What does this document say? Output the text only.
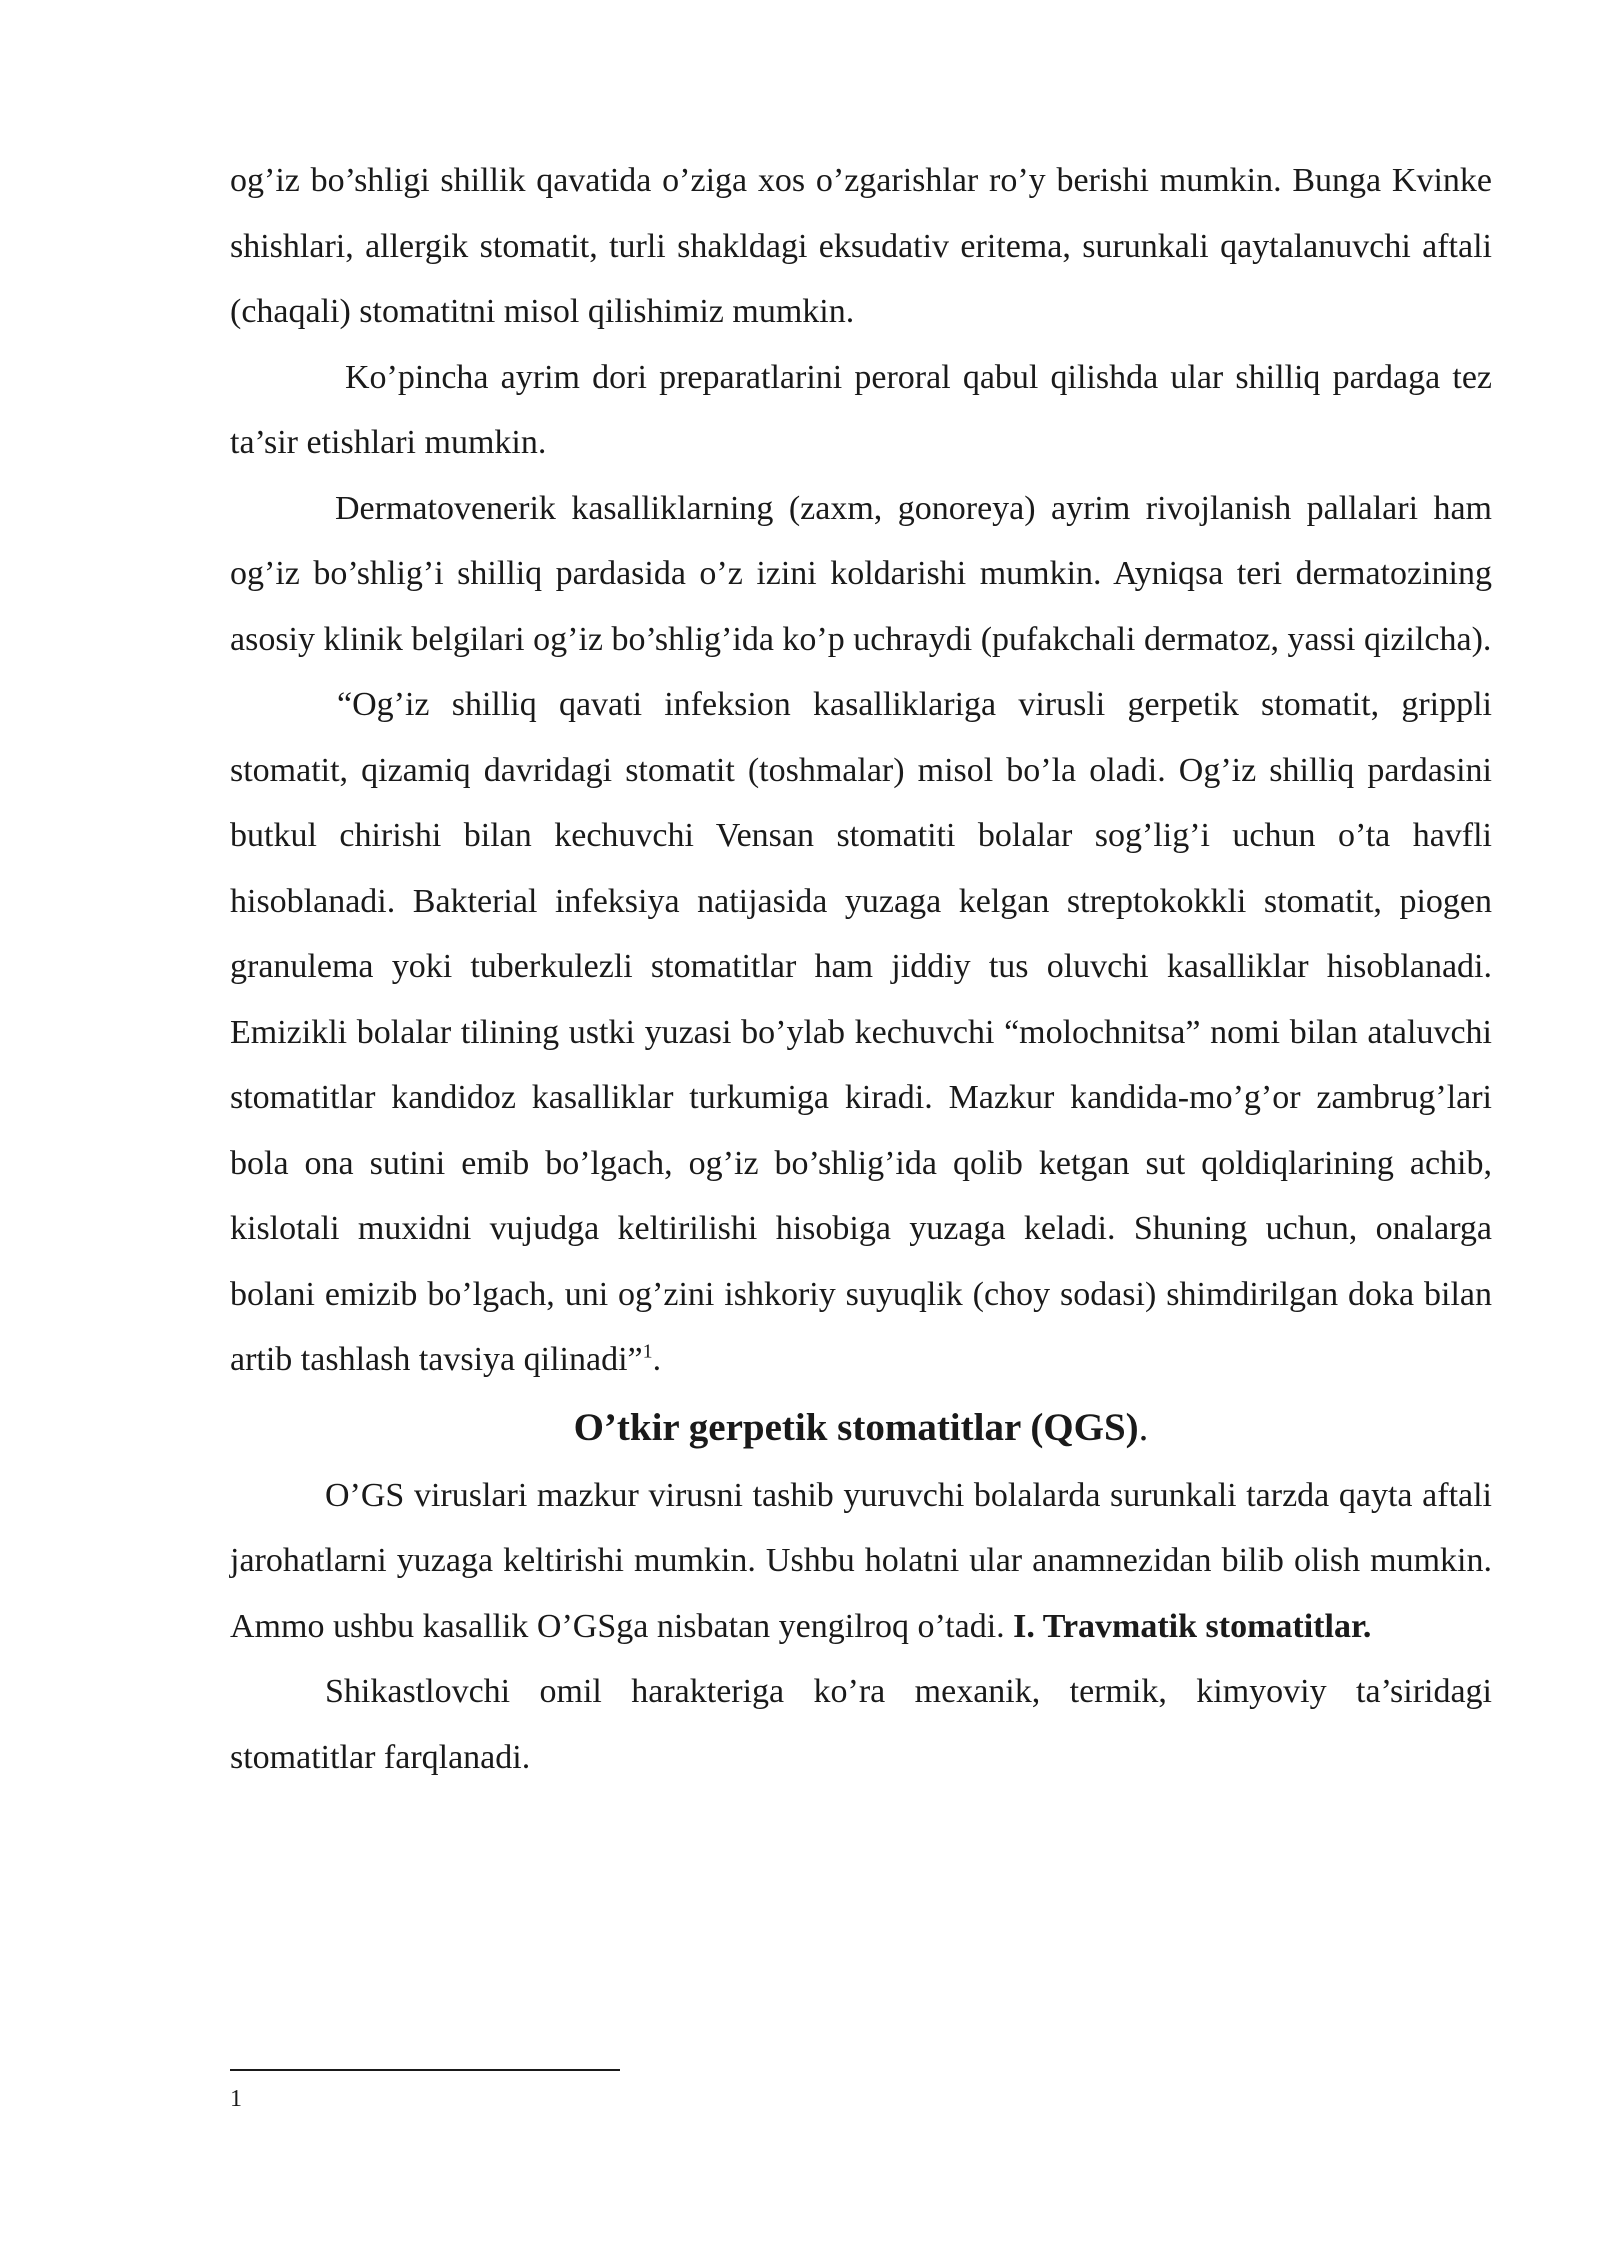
og’iz bo’shligi shillik qavatida o’ziga xos o’zgarishlar ro’y berishi mumkin. Bunga Kvinke shishlari, allergik stomatit, turli shakldagi eksudativ eritema, surunkali qaytalanuvchi aftali (chaqali) stomatitni misol qilishimiz mumkin.

Ko’pincha ayrim dori preparatlarini peroral qabul qilishda ular shilliq pardaga tez ta’sir etishlari mumkin.

Dermatovenerik kasalliklarning (zaxm, gonoreya) ayrim rivojlanish pallalari ham og’iz bo’shlig’i shilliq pardasida o’z izini koldarishi mumkin. Ayniqsa teri dermatozining asosiy klinik belgilari og’iz bo’shlig’ida ko’p uchraydi (pufakchali dermatoz, yassi qizilcha).

“Og’iz shilliq qavati infeksion kasalliklariga virusli gerpetik stomatit, grippli stomatit, qizamiq davridagi stomatit (toshmalar) misol bo’la oladi. Og’iz shilliq pardasini butkul chirishi bilan kechuvchi Vensan stomatiti bolalar sog’lig’i uchun o’ta havfli hisoblanadi. Bakterial infeksiya natijasida yuzaga kelgan streptokokkli stomatit, piogen granulema yoki tuberkulezli stomatitlar ham jiddiy tus oluvchi kasalliklar hisoblanadi. Emizikli bolalar tilining ustki yuzasi bo’ylab kechuvchi “molochnitsa” nomi bilan ataluvchi stomatitlar kandidoz kasalliklar turkumiga kiradi. Mazkur kandida-mo’g’or zambrug’lari bola ona sutini emib bo’lgach, og’iz bo’shlig’ida qolib ketgan sut qoldiqlarining achib, kislotali muxidni vujudga keltirilishi hisobiga yuzaga keladi. Shuning uchun, onalarga bolani emizib bo’lgach, uni og’zini ishkoriy suyuqlik (choy sodasi) shimdirilgan doka bilan artib tashlash tavsiya qilinadi”$^1$.

O’tkir gerpetik stomatitlar (QGS).

O’GS viruslari mazkur virusni tashib yuruvchi bolalarda surunkali tarzda qayta aftali jarohatlarni yuzaga keltirishi mumkin. Ushbu holatni ular anamnezidan bilib olish mumkin. Ammo ushbu kasallik O’GSga nisbatan yengilroq o’tadi. I. Travmatik stomatitlar.

Shikastlovchi omil harakteriga ko’ra mexanik, termik, kimyoviy ta’siridagi stomatitlar farqlanadi.

1
